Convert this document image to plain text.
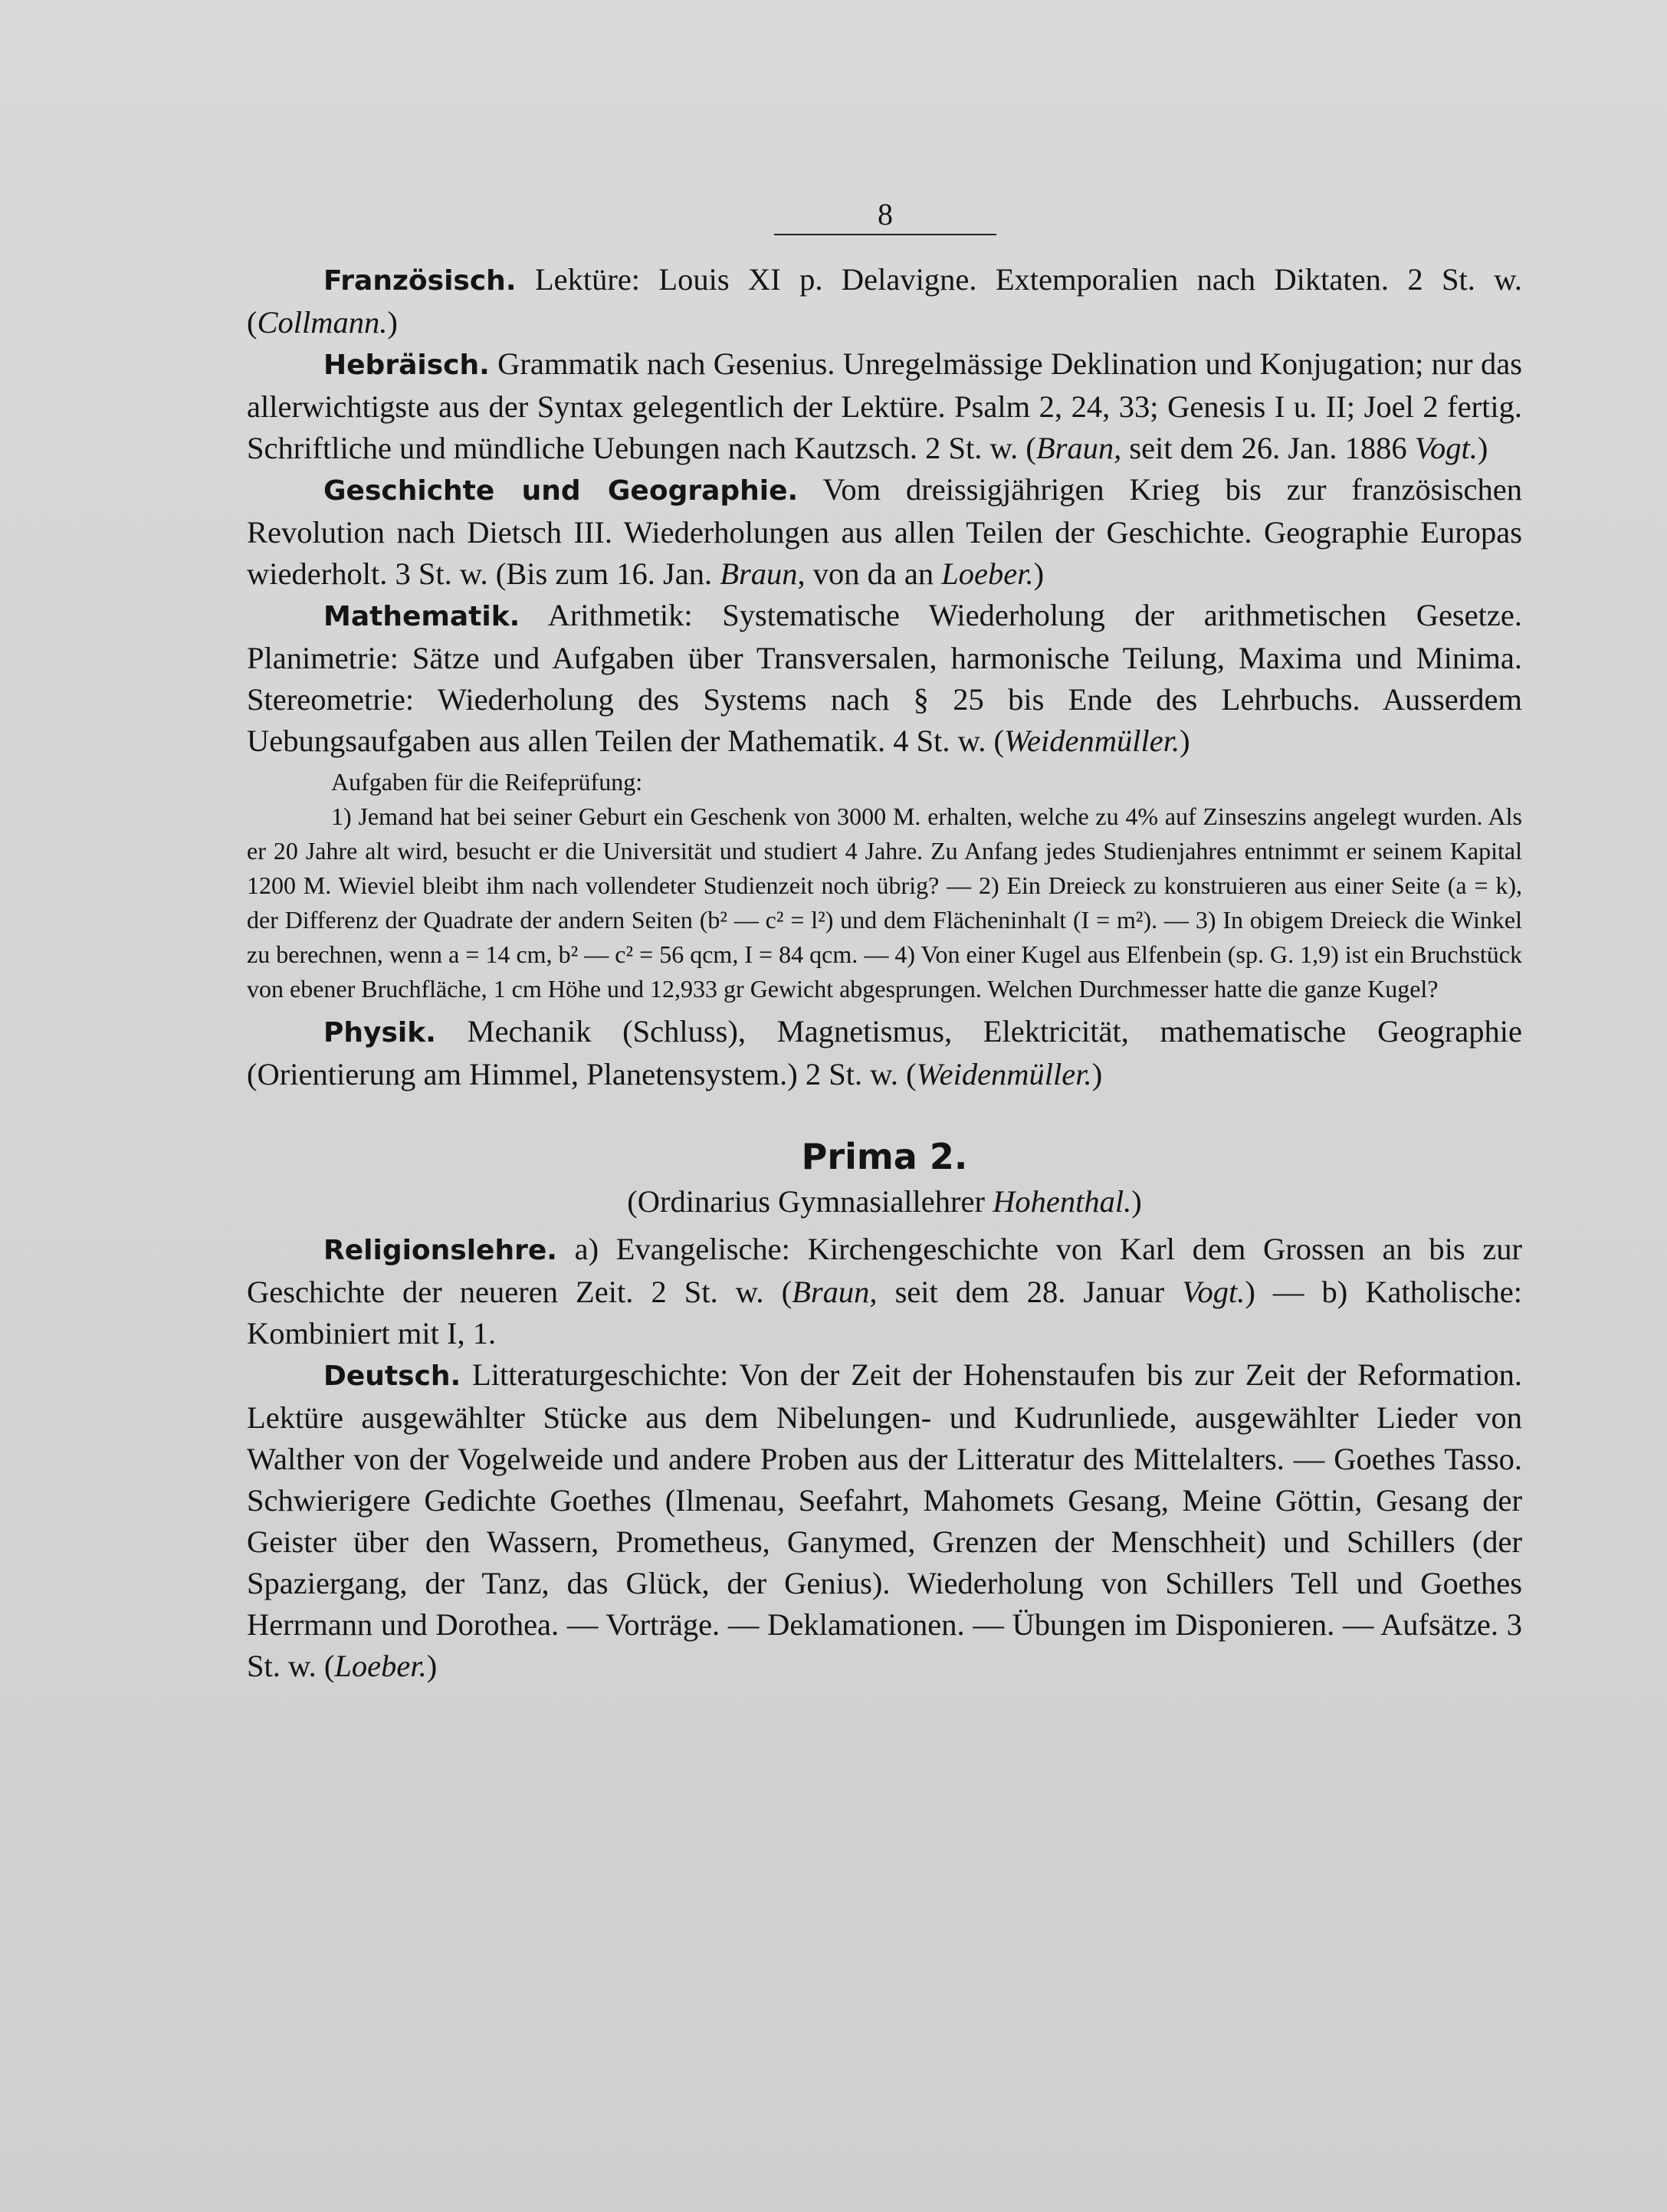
8

Französisch. Lektüre: Louis XI p. Delavigne. Extemporalien nach Diktaten. 2 St. w. (Collmann.)

Hebräisch. Grammatik nach Gesenius. Unregelmässige Deklination und Konjugation; nur das allerwichtigste aus der Syntax gelegentlich der Lektüre. Psalm 2, 24, 33; Genesis I u. II; Joel 2 fertig. Schriftliche und mündliche Uebungen nach Kautzsch. 2 St. w. (Braun, seit dem 26. Jan. 1886 Vogt.)

Geschichte und Geographie. Vom dreissigjährigen Krieg bis zur französischen Revolution nach Dietsch III. Wiederholungen aus allen Teilen der Geschichte. Geographie Europas wiederholt. 3 St. w. (Bis zum 16. Jan. Braun, von da an Loeber.)

Mathematik. Arithmetik: Systematische Wiederholung der arithmetischen Gesetze. Planimetrie: Sätze und Aufgaben über Transversalen, harmonische Teilung, Maxima und Minima. Stereometrie: Wiederholung des Systems nach § 25 bis Ende des Lehrbuchs. Ausserdem Uebungsaufgaben aus allen Teilen der Mathematik. 4 St. w. (Weidenmüller.)

Aufgaben für die Reifeprüfung:

1) Jemand hat bei seiner Geburt ein Geschenk von 3000 M. erhalten, welche zu 4% auf Zinseszins angelegt wurden. Als er 20 Jahre alt wird, besucht er die Universität und studiert 4 Jahre. Zu Anfang jedes Studienjahres entnimmt er seinem Kapital 1200 M. Wieviel bleibt ihm nach vollendeter Studienzeit noch übrig? — 2) Ein Dreieck zu konstruieren aus einer Seite (a = k), der Differenz der Quadrate der andern Seiten (b² — c² = l²) und dem Flächeninhalt (I = m²). — 3) In obigem Dreieck die Winkel zu berechnen, wenn a = 14 cm, b² — c² = 56 qcm, I = 84 qcm. — 4) Von einer Kugel aus Elfenbein (sp. G. 1,9) ist ein Bruchstück von ebener Bruchfläche, 1 cm Höhe und 12,933 gr Gewicht abgesprungen. Welchen Durchmesser hatte die ganze Kugel?

Physik. Mechanik (Schluss), Magnetismus, Elektricität, mathematische Geographie (Orientierung am Himmel, Planetensystem.) 2 St. w. (Weidenmüller.)

Prima 2.
(Ordinarius Gymnasiallehrer Hohenthal.)

Religionslehre. a) Evangelische: Kirchengeschichte von Karl dem Grossen an bis zur Geschichte der neueren Zeit. 2 St. w. (Braun, seit dem 28. Januar Vogt.) — b) Katholische: Kombiniert mit I, 1.

Deutsch. Litteraturgeschichte: Von der Zeit der Hohenstaufen bis zur Zeit der Reformation. Lektüre ausgewählter Stücke aus dem Nibelungen- und Kudrunliede, ausgewählter Lieder von Walther von der Vogelweide und andere Proben aus der Litteratur des Mittelalters. — Goethes Tasso. Schwierigere Gedichte Goethes (Ilmenau, Seefahrt, Mahomets Gesang, Meine Göttin, Gesang der Geister über den Wassern, Prometheus, Ganymed, Grenzen der Menschheit) und Schillers (der Spaziergang, der Tanz, das Glück, der Genius). Wiederholung von Schillers Tell und Goethes Herrmann und Dorothea. — Vorträge. — Deklamationen. — Übungen im Disponieren. — Aufsätze. 3 St. w. (Loeber.)
